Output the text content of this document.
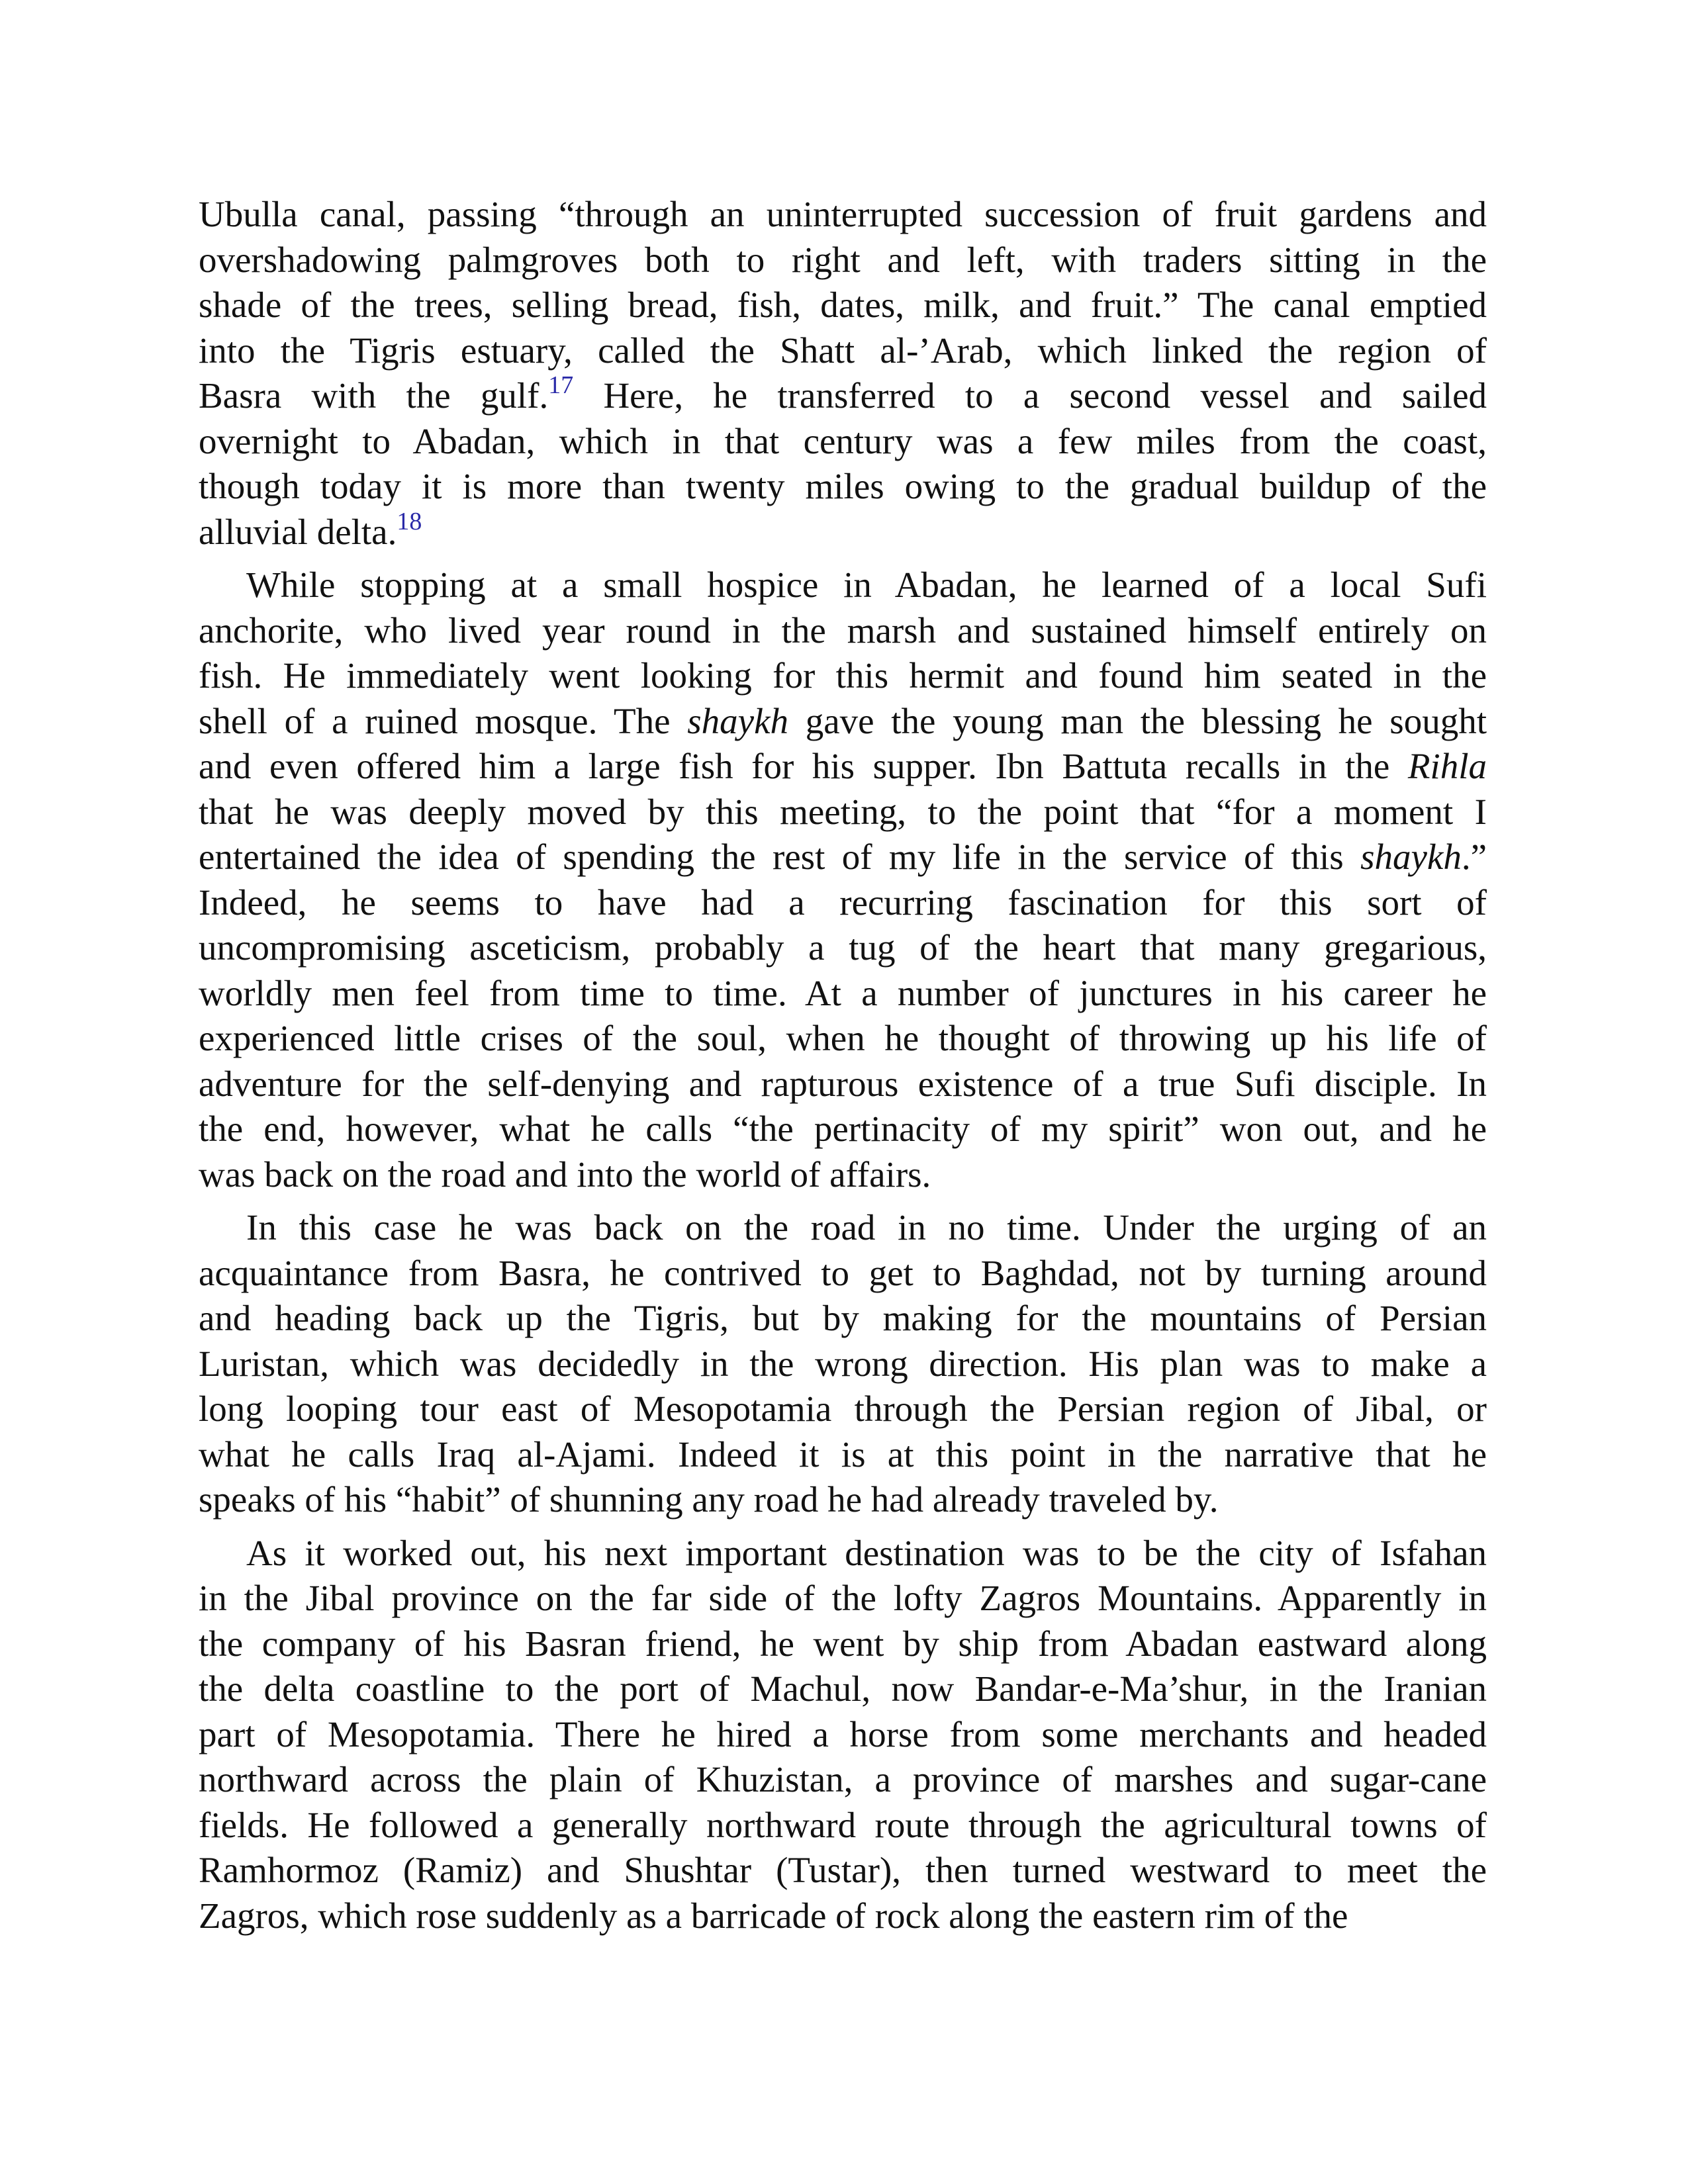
Ubulla canal, passing “through an uninterrupted succession of fruit gardens and
overshadowing palmgroves both to right and left, with traders sitting in the
shade of the trees, selling bread, fish, dates, milk, and fruit.” The canal emptied
into the Tigris estuary, called the Shatt al-’Arab, which linked the region of
Basra with the gulf.$^{17}$ Here, he transferred to a second vessel and sailed
overnight to Abadan, which in that century was a few miles from the coast,
though today it is more than twenty miles owing to the gradual buildup of the
alluvial delta.$^{18}$
While stopping at a small hospice in Abadan, he learned of a local Sufi
anchorite, who lived year round in the marsh and sustained himself entirely on
fish. He immediately went looking for this hermit and found him seated in the
shell of a ruined mosque. The shaykh gave the young man the blessing he sought
and even offered him a large fish for his supper. Ibn Battuta recalls in the Rihla
that he was deeply moved by this meeting, to the point that “for a moment I
entertained the idea of spending the rest of my life in the service of this shaykh.”
Indeed, he seems to have had a recurring fascination for this sort of
uncompromising asceticism, probably a tug of the heart that many gregarious,
worldly men feel from time to time. At a number of junctures in his career he
experienced little crises of the soul, when he thought of throwing up his life of
adventure for the self-denying and rapturous existence of a true Sufi disciple. In
the end, however, what he calls “the pertinacity of my spirit” won out, and he
was back on the road and into the world of affairs.
In this case he was back on the road in no time. Under the urging of an
acquaintance from Basra, he contrived to get to Baghdad, not by turning around
and heading back up the Tigris, but by making for the mountains of Persian
Luristan, which was decidedly in the wrong direction. His plan was to make a
long looping tour east of Mesopotamia through the Persian region of Jibal, or
what he calls Iraq al-Ajami. Indeed it is at this point in the narrative that he
speaks of his “habit” of shunning any road he had already traveled by.
As it worked out, his next important destination was to be the city of Isfahan
in the Jibal province on the far side of the lofty Zagros Mountains. Apparently in
the company of his Basran friend, he went by ship from Abadan eastward along
the delta coastline to the port of Machul, now Bandar-e-Ma’shur, in the Iranian
part of Mesopotamia. There he hired a horse from some merchants and headed
northward across the plain of Khuzistan, a province of marshes and sugar-cane
fields. He followed a generally northward route through the agricultural towns of
Ramhormoz (Ramiz) and Shushtar (Tustar), then turned westward to meet the
Zagros, which rose suddenly as a barricade of rock along the eastern rim of the
